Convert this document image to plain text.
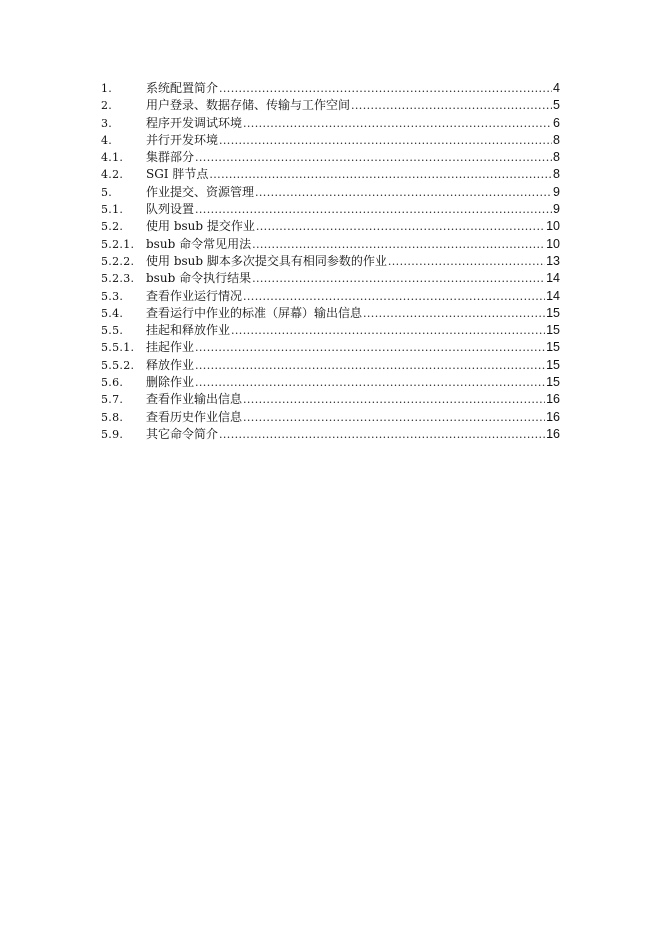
1.	系统配置简介 .....	4
2.	用户登录、数据存储、传输与工作空间 .....	5
3.	程序开发调试环境 .....	6
4.	并行开发环境 .....	8
4.1.	集群部分 .....	8
4.2.	SGI 胖节点 .....	8
5.	作业提交、资源管理 .....	9
5.1.	队列设置 .....	9
5.2.	使用 bsub 提交作业 .....	10
5.2.1. bsub 命令常见用法 .....	10
5.2.2. 使用 bsub 脚本多次提交具有相同参数的作业 .....	13
5.2.3. bsub 命令执行结果 .....	14
5.3.	查看作业运行情况 .....	14
5.4.	查看运行中作业的标准（屏幕）输出信息 .....	15
5.5.	挂起和释放作业 .....	15
5.5.1. 挂起作业 .....	15
5.5.2. 释放作业 .....	15
5.6.	删除作业 .....	15
5.7.	查看作业输出信息 .....	16
5.8.	查看历史作业信息 .....	16
5.9.	其它命令简介 .....	16
